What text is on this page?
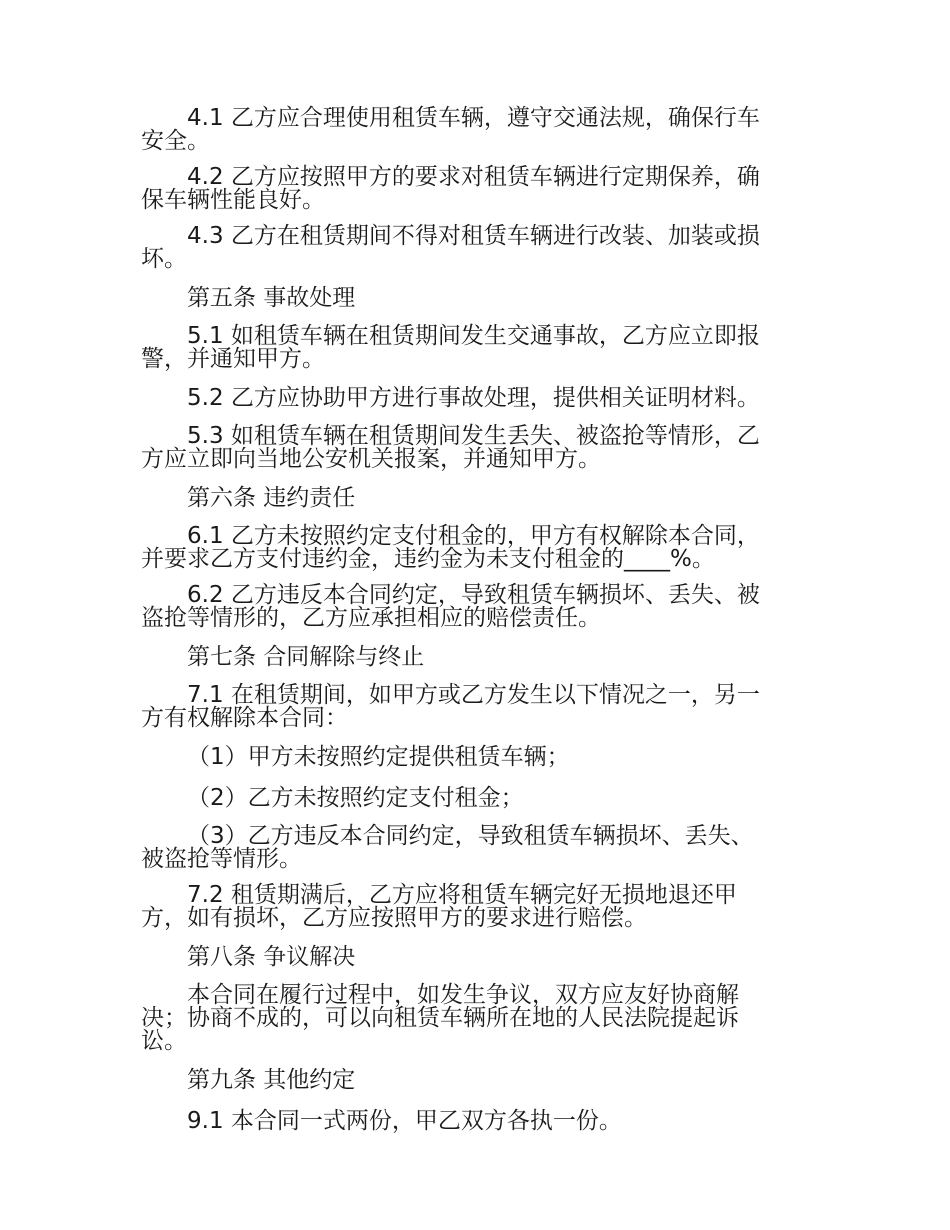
4.1 乙方应合理使用租赁车辆，遵守交通法规，确保行车
安全。

4.2 乙方应按照甲方的要求对租赁车辆进行定期保养，确
保车辆性能良好。

4.3 乙方在租赁期间不得对租赁车辆进行改装、加装或损
坏。

第五条 事故处理

5.1 如租赁车辆在租赁期间发生交通事故，乙方应立即报
警，并通知甲方。

5.2 乙方应协助甲方进行事故处理，提供相关证明材料。

5.3 如租赁车辆在租赁期间发生丢失、被盗抢等情形，乙
方应立即向当地公安机关报案，并通知甲方。

第六条 违约责任

6.1 乙方未按照约定支付租金的，甲方有权解除本合同，
并要求乙方支付违约金，违约金为未支付租金的____%。

6.2 乙方违反本合同约定，导致租赁车辆损坏、丢失、被
盗抢等情形的，乙方应承担相应的赔偿责任。

第七条 合同解除与终止

7.1 在租赁期间，如甲方或乙方发生以下情况之一，另一
方有权解除本合同：

（1）甲方未按照约定提供租赁车辆；

（2）乙方未按照约定支付租金；

（3）乙方违反本合同约定，导致租赁车辆损坏、丢失、
被盗抢等情形。

7.2 租赁期满后，乙方应将租赁车辆完好无损地退还甲
方，如有损坏，乙方应按照甲方的要求进行赔偿。

第八条 争议解决

本合同在履行过程中，如发生争议，双方应友好协商解
决；协商不成的，可以向租赁车辆所在地的人民法院提起诉
讼。

第九条 其他约定

9.1 本合同一式两份，甲乙双方各执一份。
